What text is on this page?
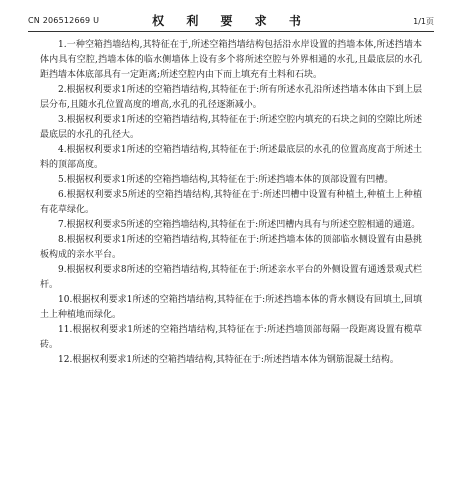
CN 206512669 U	权 利 要 求 书	1/1页

1.一种空箱挡墙结构,其特征在于,所述空箱挡墙结构包括沿水岸设置的挡墙本体,所述挡墙本体内具有空腔,挡墙本体的临水侧墙体上设有多个将所述空腔与外界相通的水孔,且最底层的水孔距挡墙本体底部具有一定距离;所述空腔内由下而上填充有土料和石块。

2.根据权利要求1所述的空箱挡墙结构,其特征在于:所有所述水孔沿所述挡墙本体由下到上层层分布,且随水孔位置高度的增高,水孔的孔径逐渐减小。

3.根据权利要求1所述的空箱挡墙结构,其特征在于:所述空腔内填充的石块之间的空隙比所述最底层的水孔的孔径大。

4.根据权利要求1所述的空箱挡墙结构,其特征在于:所述最底层的水孔的位置高度高于所述土料的顶部高度。

5.根据权利要求1所述的空箱挡墙结构,其特征在于:所述挡墙本体的顶部设置有凹槽。

6.根据权利要求5所述的空箱挡墙结构,其特征在于:所述凹槽中设置有种植土,种植土上种植有花草绿化。

7.根据权利要求5所述的空箱挡墙结构,其特征在于:所述凹槽内具有与所述空腔相通的通道。

8.根据权利要求1所述的空箱挡墙结构,其特征在于:所述挡墙本体的顶部临水侧设置有由悬挑板构成的亲水平台。

9.根据权利要求8所述的空箱挡墙结构,其特征在于:所述亲水平台的外侧设置有通透景观式栏杆。

10.根据权利要求1所述的空箱挡墙结构,其特征在于:所述挡墙本体的背水侧设有回填土,回填土上种植地而绿化。

11.根据权利要求1所述的空箱挡墙结构,其特征在于:所述挡墙顶部每隔一段距离设置有榄草砖。

12.根据权利要求1所述的空箱挡墙结构,其特征在于:所述挡墙本体为钢筋混凝土结构。
